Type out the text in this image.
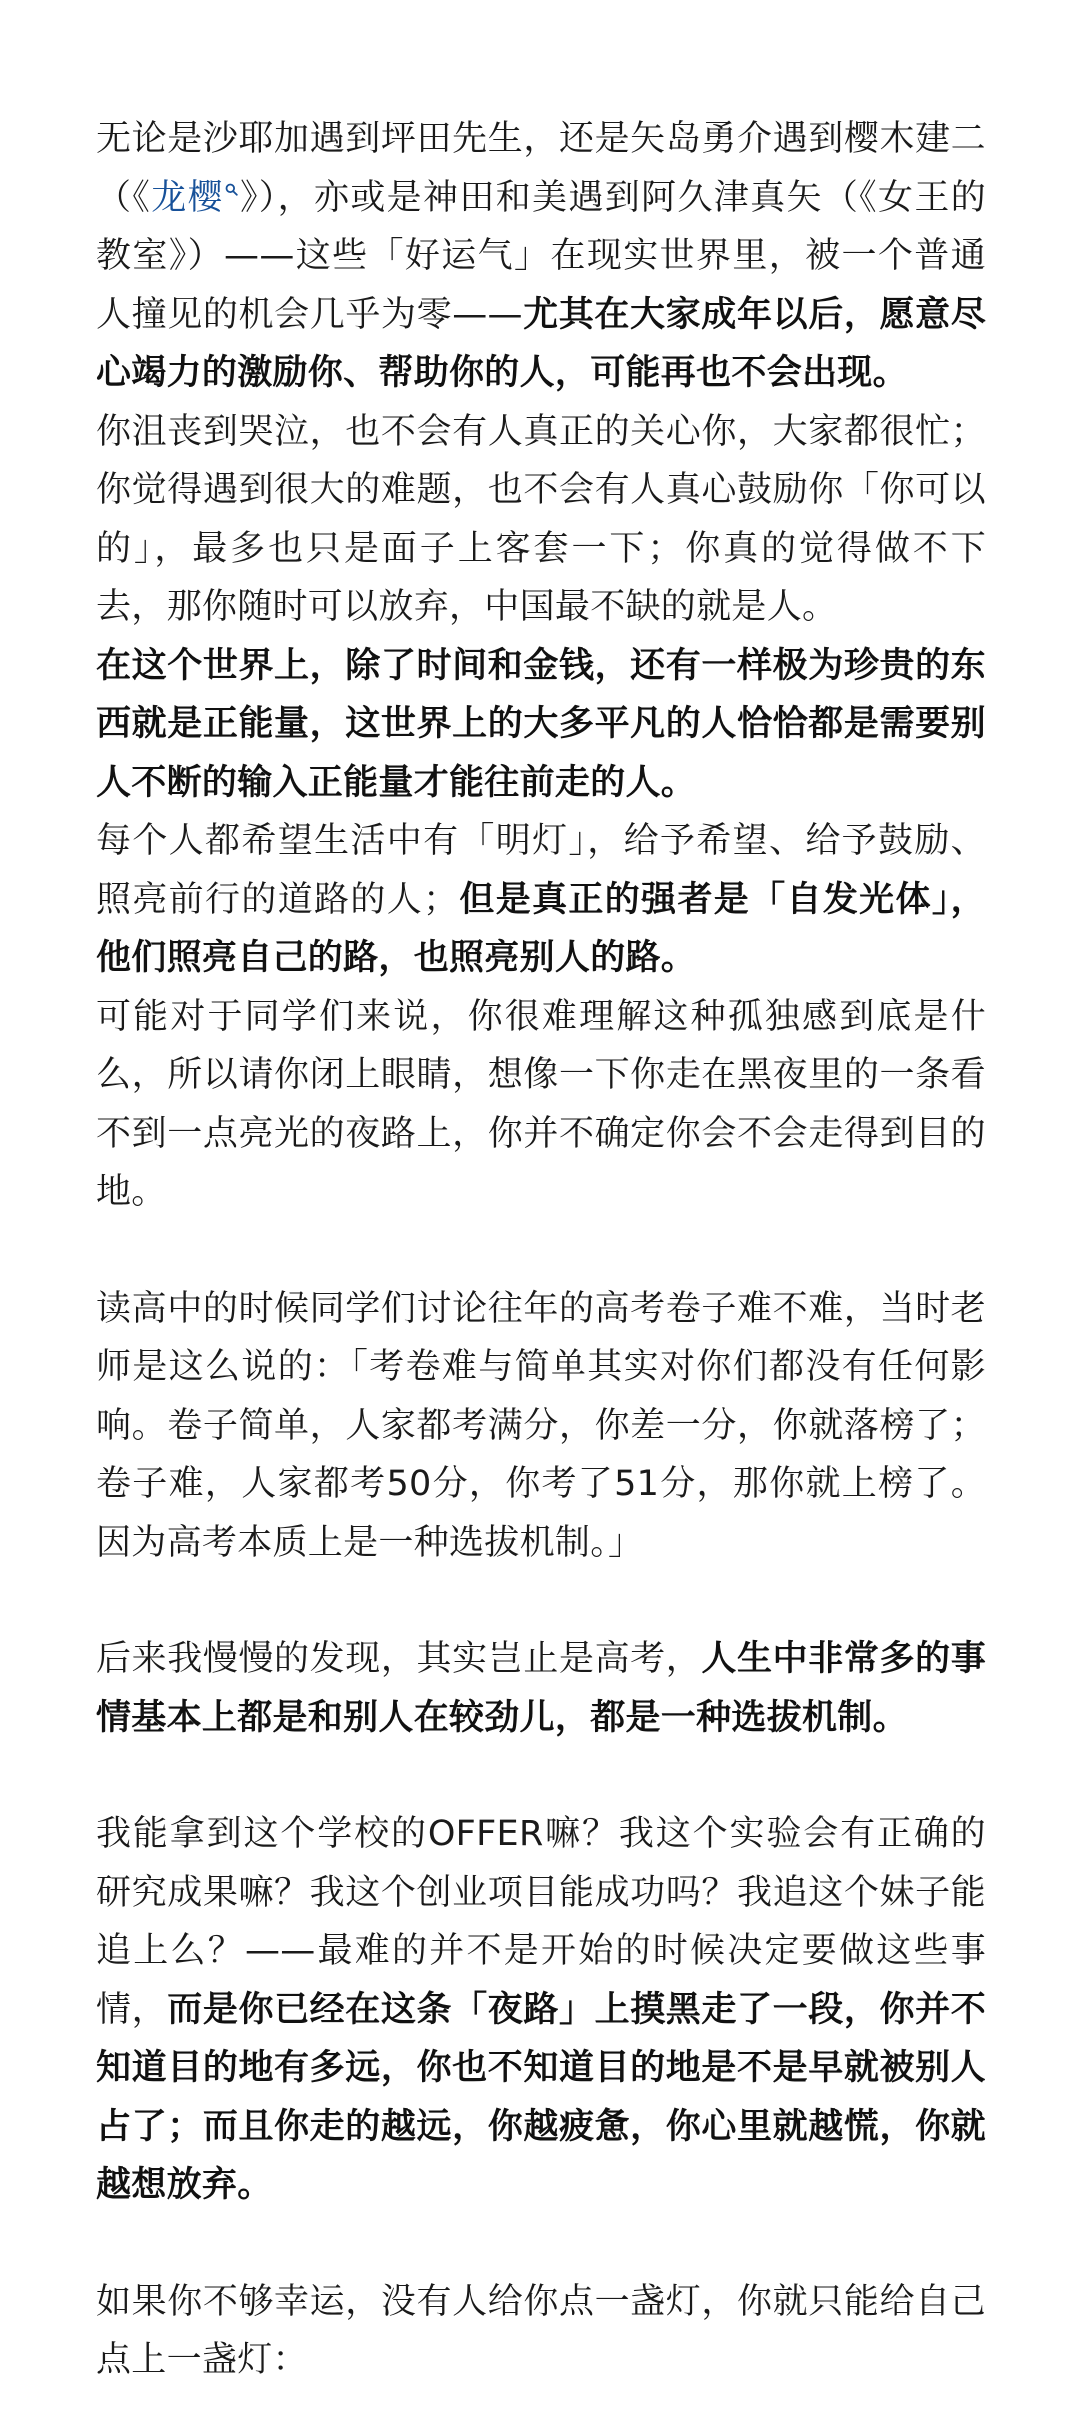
无论是沙耶加遇到坪田先生，还是矢岛勇介遇到樱木建二（《龙樱 》），亦或是神田和美遇到阿久津真矢（《女王的教室》）——这些「好运气」在现实世界里，被一个普通人撞见的机会几乎为零——尤其在大家成年以后，愿意尽心竭力的激励你、帮助你的人，可能再也不会出现。

你沮丧到哭泣，也不会有人真正的关心你，大家都很忙；你觉得遇到很大的难题，也不会有人真心鼓励你「你可以的」，最多也只是面子上客套一下；你真的觉得做不下去，那你随时可以放弃，中国最不缺的就是人。

在这个世界上，除了时间和金钱，还有一样极为珍贵的东西就是正能量，这世界上的大多平凡的人恰恰都是需要别人不断的输入正能量才能往前走的人。

每个人都希望生活中有「明灯」，给予希望、给予鼓励、照亮前行的道路的人；但是真正的强者是「自发光体」，他们照亮自己的路，也照亮别人的路。

可能对于同学们来说，你很难理解这种孤独感到底是什么，所以请你闭上眼睛，想像一下你走在黑夜里的一条看不到一点亮光的夜路上，你并不确定你会不会走得到目的地。

读高中的时候同学们讨论往年的高考卷子难不难，当时老师是这么说的：「考卷难与简单其实对你们都没有任何影响。卷子简单，人家都考满分，你差一分，你就落榜了；卷子难，人家都考50分，你考了51分，那你就上榜了。因为高考本质上是一种选拔机制。」

后来我慢慢的发现，其实岂止是高考，人生中非常多的事情基本上都是和别人在较劲儿，都是一种选拔机制。

我能拿到这个学校的OFFER嘛？我这个实验会有正确的研究成果嘛？我这个创业项目能成功吗？我追这个妹子能追上么？——最难的并不是开始的时候决定要做这些事情，而是你已经在这条「夜路」上摸黑走了一段，你并不知道目的地有多远，你也不知道目的地是不是早就被别人占了；而且你走的越远，你越疲惫，你心里就越慌，你就越想放弃。

如果你不够幸运，没有人给你点一盏灯，你就只能给自己点上一盏灯：
